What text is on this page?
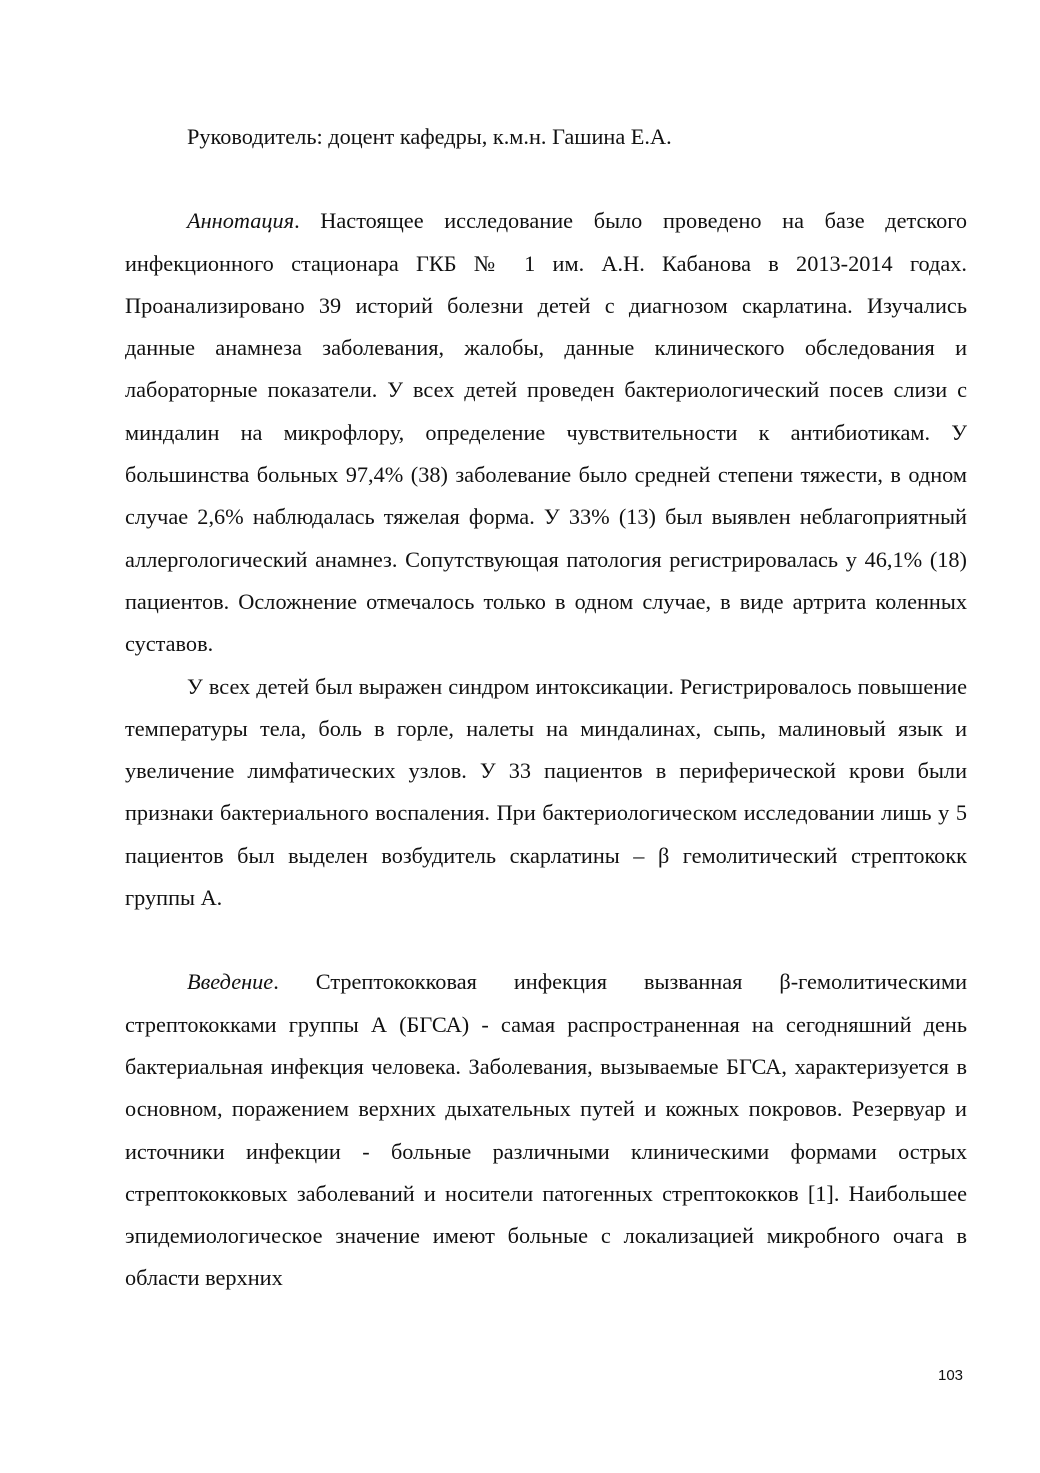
Руководитель: доцент кафедры, к.м.н. Гашина Е.А.

Аннотация. Настоящее исследование было проведено на базе детского инфекционного стационара ГКБ № 1 им. А.Н. Кабанова в 2013-2014 годах. Проанализировано 39 историй болезни детей с диагнозом скарлатина. Изучались данные анамнеза заболевания, жалобы, данные клинического обследования и лабораторные показатели. У всех детей проведен бактериологический посев слизи с миндалин на микрофлору, определение чувствительности к антибиотикам. У большинства больных 97,4% (38) заболевание было средней степени тяжести, в одном случае 2,6% наблюдалась тяжелая форма. У 33% (13) был выявлен неблагоприятный аллергологический анамнез. Сопутствующая патология регистрировалась у 46,1% (18) пациентов. Осложнение отмечалось только в одном случае, в виде артрита коленных суставов.

У всех детей был выражен синдром интоксикации. Регистрировалось повышение температуры тела, боль в горле, налеты на миндалинах, сыпь, малиновый язык и увеличение лимфатических узлов. У 33 пациентов в периферической крови были признаки бактериального воспаления. При бактериологическом исследовании лишь у 5 пациентов был выделен возбудитель скарлатины – β гемолитический стрептококк группы А.

Введение. Стрептококковая инфекция вызванная β-гемолитическими стрептококками группы А (БГСА) - самая распространенная на сегодняшний день бактериальная инфекция человека. Заболевания, вызываемые БГСА, характеризуется в основном, поражением верхних дыхательных путей и кожных покровов. Резервуар и источники инфекции - больные различными клиническими формами острых стрептококковых заболеваний и носители патогенных стрептококков [1]. Наибольшее эпидемиологическое значение имеют больные с локализацией микробного очага в области верхних

103
